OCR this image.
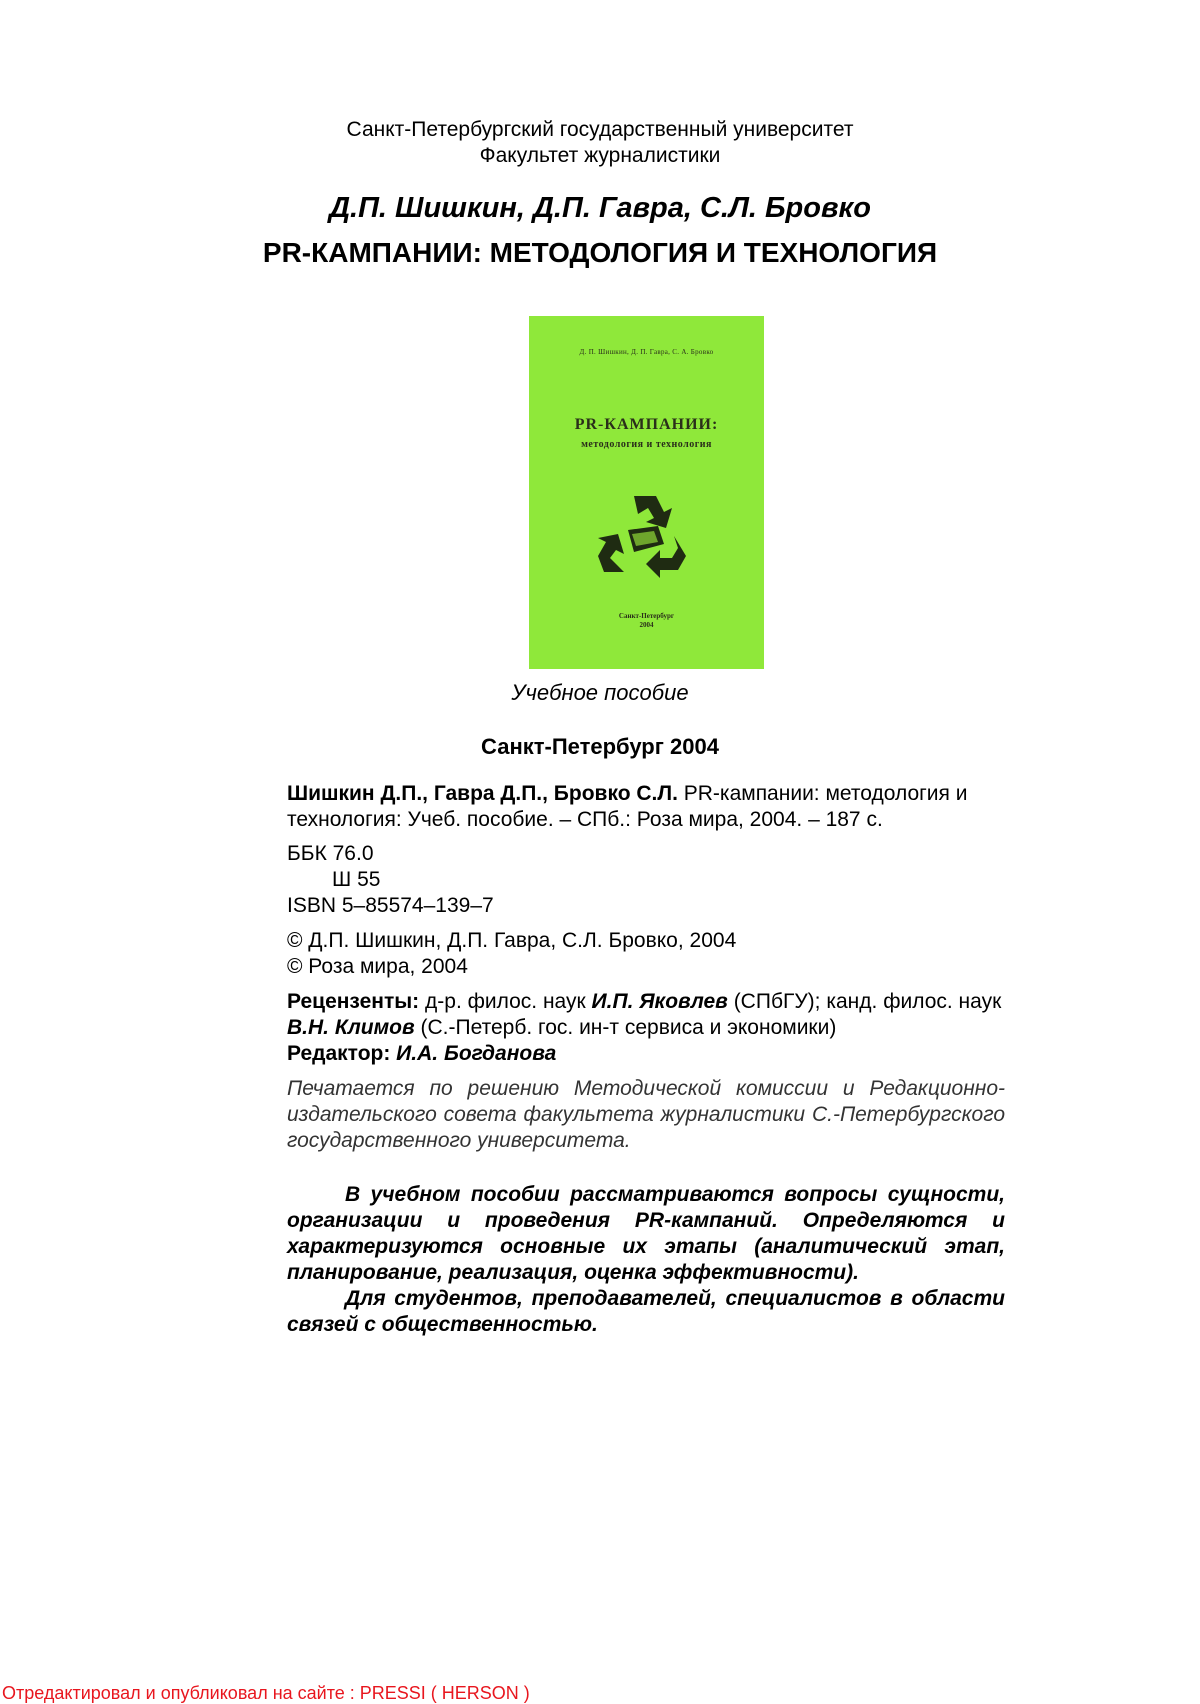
Санкт-Петербургский государственный университет
Факультет журналистики
Д.П. Шишкин, Д.П. Гавра, С.Л. Бровко
PR-КАМПАНИИ: МЕТОДОЛОГИЯ И ТЕХНОЛОГИЯ
Д. П. Шишкин, Д. П. Гавра, С. А. Бровко
PR-КАМПАНИИ:
методология и технология
Санкт-Петербург
2004
Учебное пособие
Санкт-Петербург 2004
Шишкин Д.П., Гавра Д.П., Бровко С.Л. PR-кампании: методология и технология: Учеб. пособие. – СПб.: Роза мира, 2004. – 187 с.
ББК 76.0
Ш 55
ISBN 5–85574–139–7
© Д.П. Шишкин, Д.П. Гавра, С.Л. Бровко, 2004
© Роза мира, 2004
Рецензенты: д-р. филос. наук И.П. Яковлев (СПбГУ); канд. филос. наук В.Н. Климов (С.-Петерб. гос. ин-т сервиса и экономики)
Редактор: И.А. Богданова
Печатается по решению Методической комиссии и Редакционно-издательского совета факультета журналистики С.-Петербургского государственного университета.

В учебном пособии рассматриваются вопросы сущности, организации и проведения PR-кампаний. Определяются и характеризуются основные их этапы (аналитический этап, планирование, реализация, оценка эффективности).

Для студентов, преподавателей, специалистов в области связей с общественностью.

Отредактировал и опубликовал на сайте : PRESSI ( HERSON )
